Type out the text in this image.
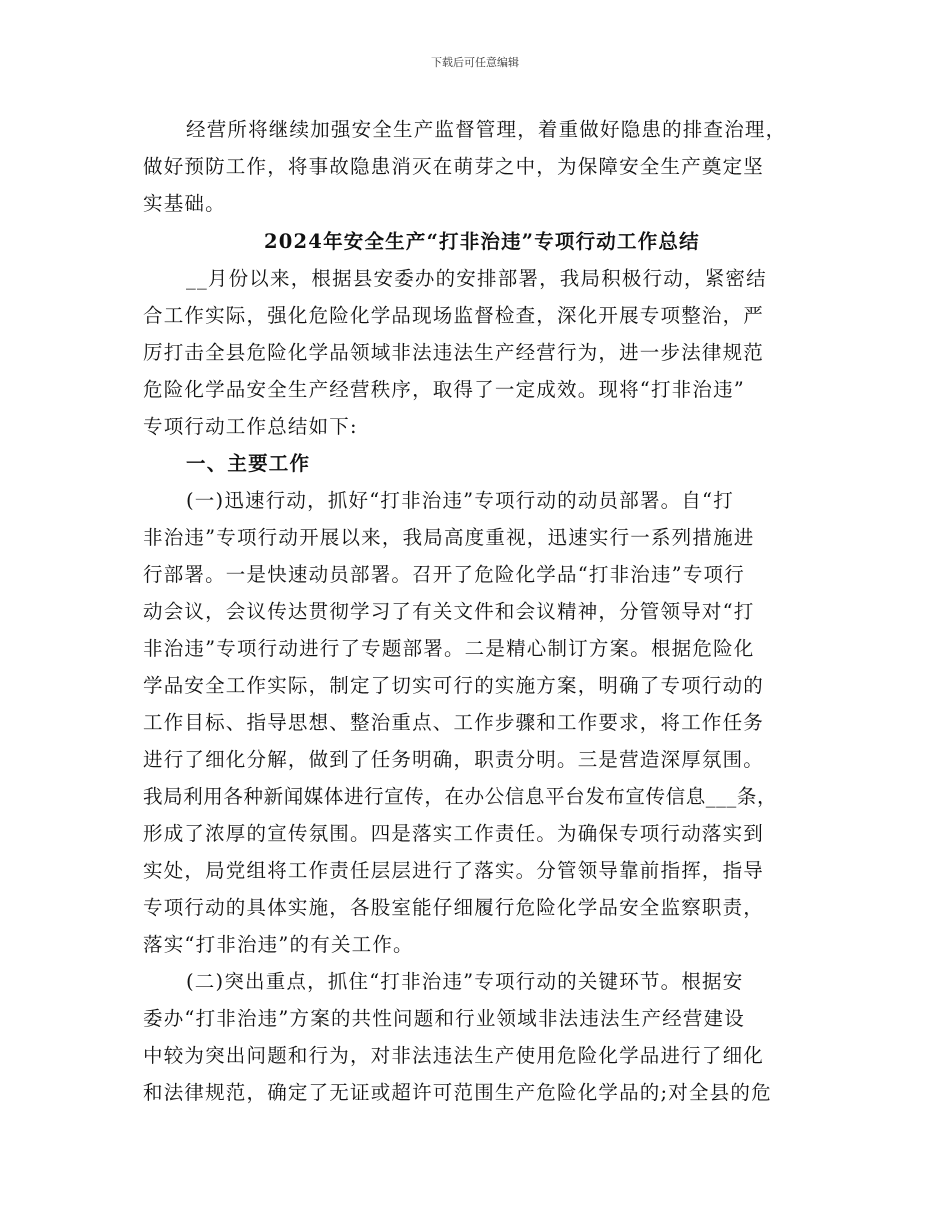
下载后可任意编辑
经营所将继续加强安全生产监督管理，着重做好隐患的排查治理，
做好预防工作，将事故隐患消灭在萌芽之中，为保障安全生产奠定坚
实基础。
2024年安全生产“打非治违”专项行动工作总结
__月份以来，根据县安委办的安排部署，我局积极行动，紧密结
合工作实际，强化危险化学品现场监督检查，深化开展专项整治，严
厉打击全县危险化学品领域非法违法生产经营行为，进一步法律规范
危险化学品安全生产经营秩序，取得了一定成效。现将“打非治违”
专项行动工作总结如下:
一、主要工作
(一)迅速行动，抓好“打非治违”专项行动的动员部署。自“打
非治违”专项行动开展以来，我局高度重视，迅速实行一系列措施进
行部署。一是快速动员部署。召开了危险化学品“打非治违”专项行
动会议，会议传达贯彻学习了有关文件和会议精神，分管领导对“打
非治违”专项行动进行了专题部署。二是精心制订方案。根据危险化
学品安全工作实际，制定了切实可行的实施方案，明确了专项行动的
工作目标、指导思想、整治重点、工作步骤和工作要求，将工作任务
进行了细化分解，做到了任务明确，职责分明。三是营造深厚氛围。
我局利用各种新闻媒体进行宣传，在办公信息平台发布宣传信息___条，
形成了浓厚的宣传氛围。四是落实工作责任。为确保专项行动落实到
实处，局党组将工作责任层层进行了落实。分管领导靠前指挥，指导
专项行动的具体实施，各股室能仔细履行危险化学品安全监察职责，
落实“打非治违”的有关工作。
(二)突出重点，抓住“打非治违”专项行动的关键环节。根据安
委办“打非治违”方案的共性问题和行业领域非法违法生产经营建设
中较为突出问题和行为，对非法违法生产使用危险化学品进行了细化
和法律规范，确定了无证或超许可范围生产危险化学品的;对全县的危
